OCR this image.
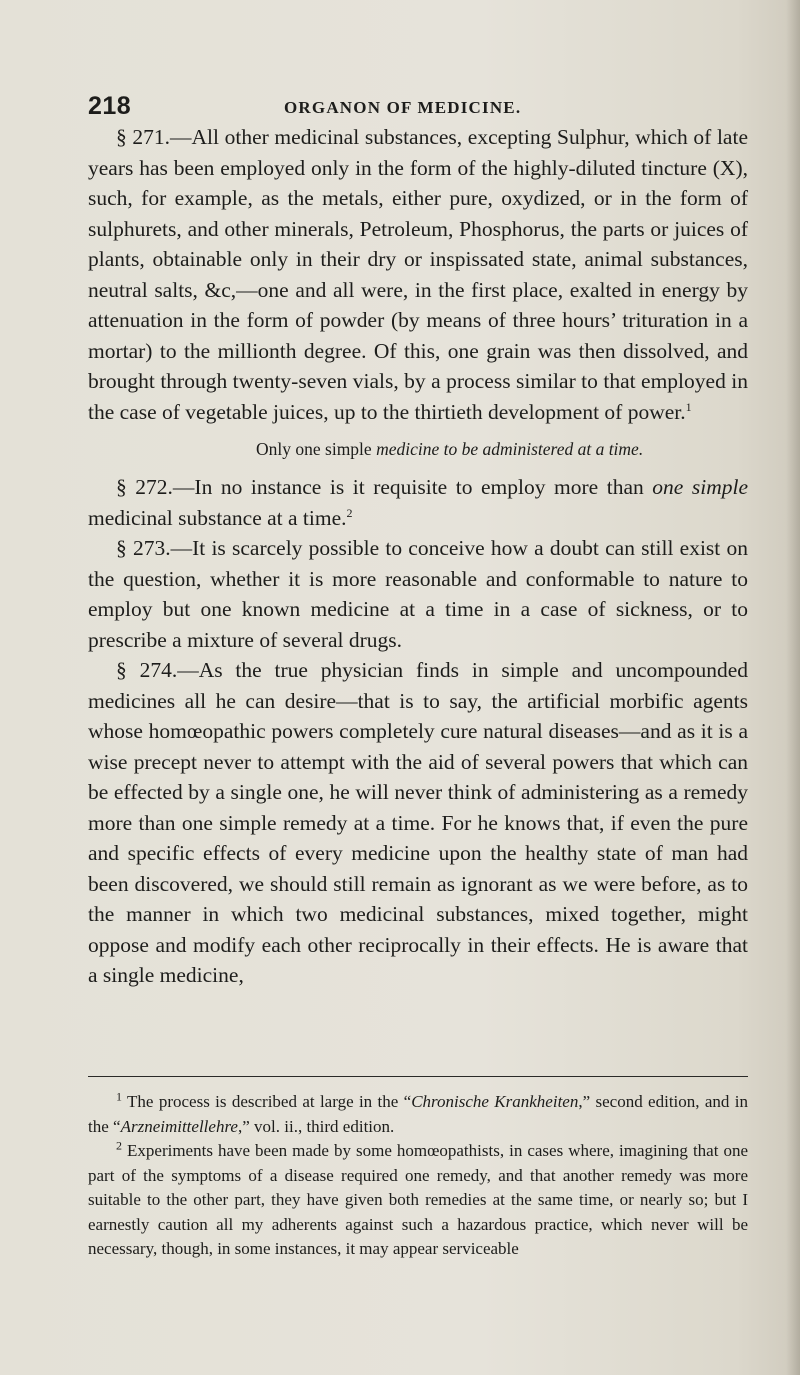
218	ORGANON OF MEDICINE.

§ 271.—All other medicinal substances, excepting Sulphur, which of late years has been employed only in the form of the highly-diluted tincture (X), such, for example, as the metals, either pure, oxydized, or in the form of sulphurets, and other minerals, Petroleum, Phosphorus, the parts or juices of plants, obtainable only in their dry or inspissated state, animal substances, neutral salts, &c,—one and all were, in the first place, exalted in energy by attenuation in the form of powder (by means of three hours’ trituration in a mortar) to the millionth degree. Of this, one grain was then dissolved, and brought through twenty-seven vials, by a process similar to that employed in the case of vegetable juices, up to the thirtieth development of power.$^1$

Only one simple medicine to be administered at a time.

§ 272.—In no instance is it requisite to employ more than one simple medicinal substance at a time.$^2$

§ 273.—It is scarcely possible to conceive how a doubt can still exist on the question, whether it is more reasonable and conformable to nature to employ but one known medicine at a time in a case of sickness, or to prescribe a mixture of several drugs.

§ 274.—As the true physician finds in simple and uncompounded medicines all he can desire—that is to say, the artificial morbific agents whose homœopathic powers completely cure natural diseases—and as it is a wise precept never to attempt with the aid of several powers that which can be effected by a single one, he will never think of administering as a remedy more than one simple remedy at a time. For he knows that, if even the pure and specific effects of every medicine upon the healthy state of man had been discovered, we should still remain as ignorant as we were before, as to the manner in which two medicinal substances, mixed together, might oppose and modify each other reciprocally in their effects. He is aware that a single medicine,

$^1$ The process is described at large in the “Chronische Krankheiten,” second edition, and in the “Arzneimittellehre,” vol. ii., third edition.

$^2$ Experiments have been made by some homœopathists, in cases where, imagining that one part of the symptoms of a disease required one remedy, and that another remedy was more suitable to the other part, they have given both remedies at the same time, or nearly so; but I earnestly caution all my adherents against such a hazardous practice, which never will be necessary, though, in some instances, it may appear serviceable
